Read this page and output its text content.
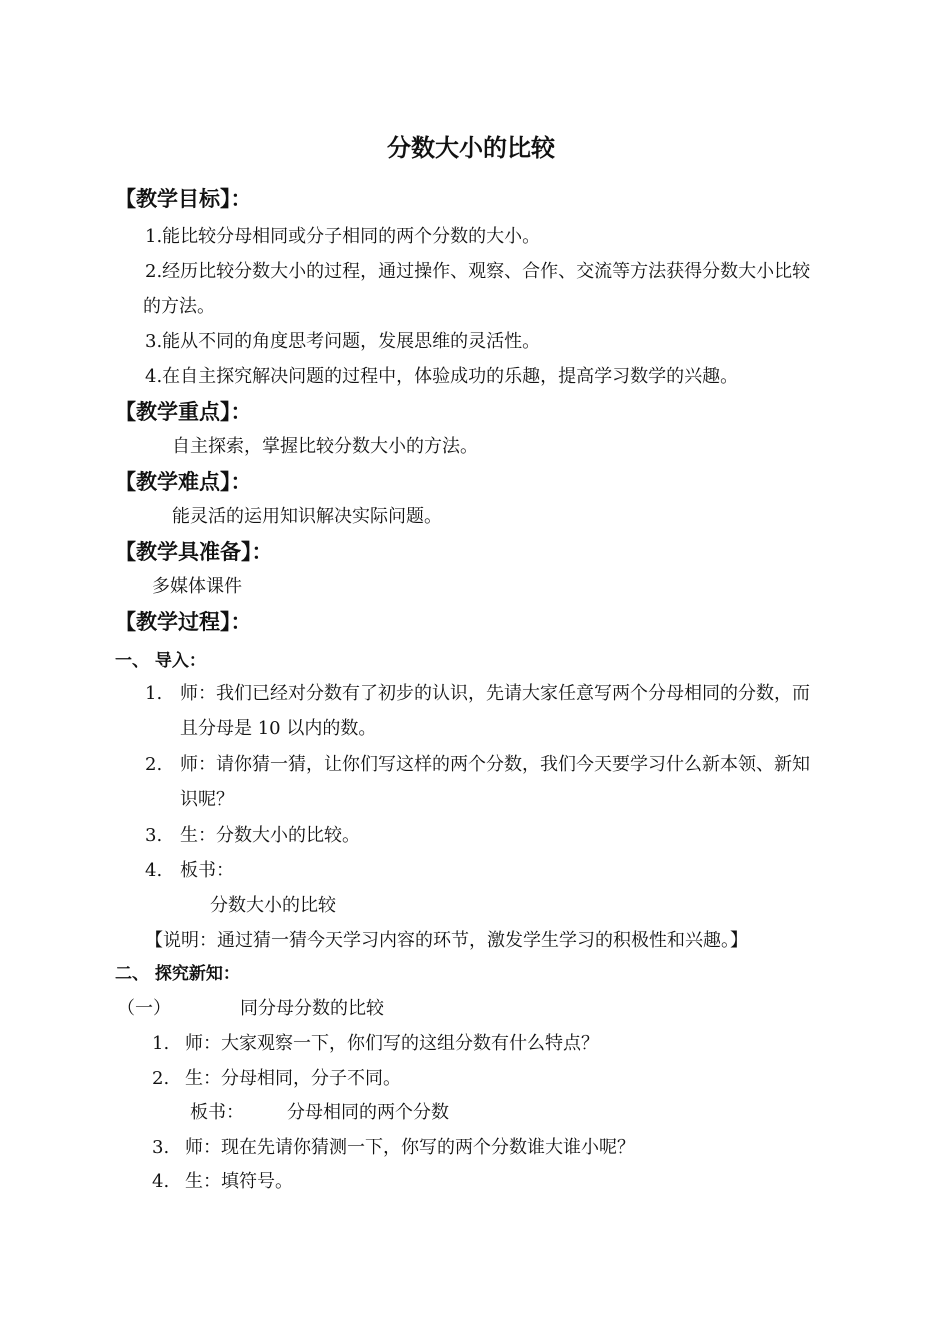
分数大小的比较
【教学目标】：
1.能比较分母相同或分子相同的两个分数的大小。
2.经历比较分数大小的过程，通过操作、观察、合作、交流等方法获得分数大小比较
的方法。
3.能从不同的角度思考问题，发展思维的灵活性。
4.在自主探究解决问题的过程中，体验成功的乐趣，提高学习数学的兴趣。
【教学重点】：
自主探索，掌握比较分数大小的方法。
【教学难点】：
能灵活的运用知识解决实际问题。
【教学具准备】：
多媒体课件
【教学过程】：
一、 导入：
1. 师：我们已经对分数有了初步的认识，先请大家任意写两个分母相同的分数，而
且分母是 10 以内的数。
2. 师：请你猜一猜，让你们写这样的两个分数，我们今天要学习什么新本领、新知
识呢？
3. 生：分数大小的比较。
4. 板书：
分数大小的比较
【说明：通过猜一猜今天学习内容的环节，激发学生学习的积极性和兴趣。】
二、 探究新知：
（一）	同分母分数的比较
1. 师：大家观察一下，你们写的这组分数有什么特点？
2. 生：分母相同，分子不同。
板书： 分母相同的两个分数
3. 师：现在先请你猜测一下，你写的两个分数谁大谁小呢？
4. 生：填符号。
